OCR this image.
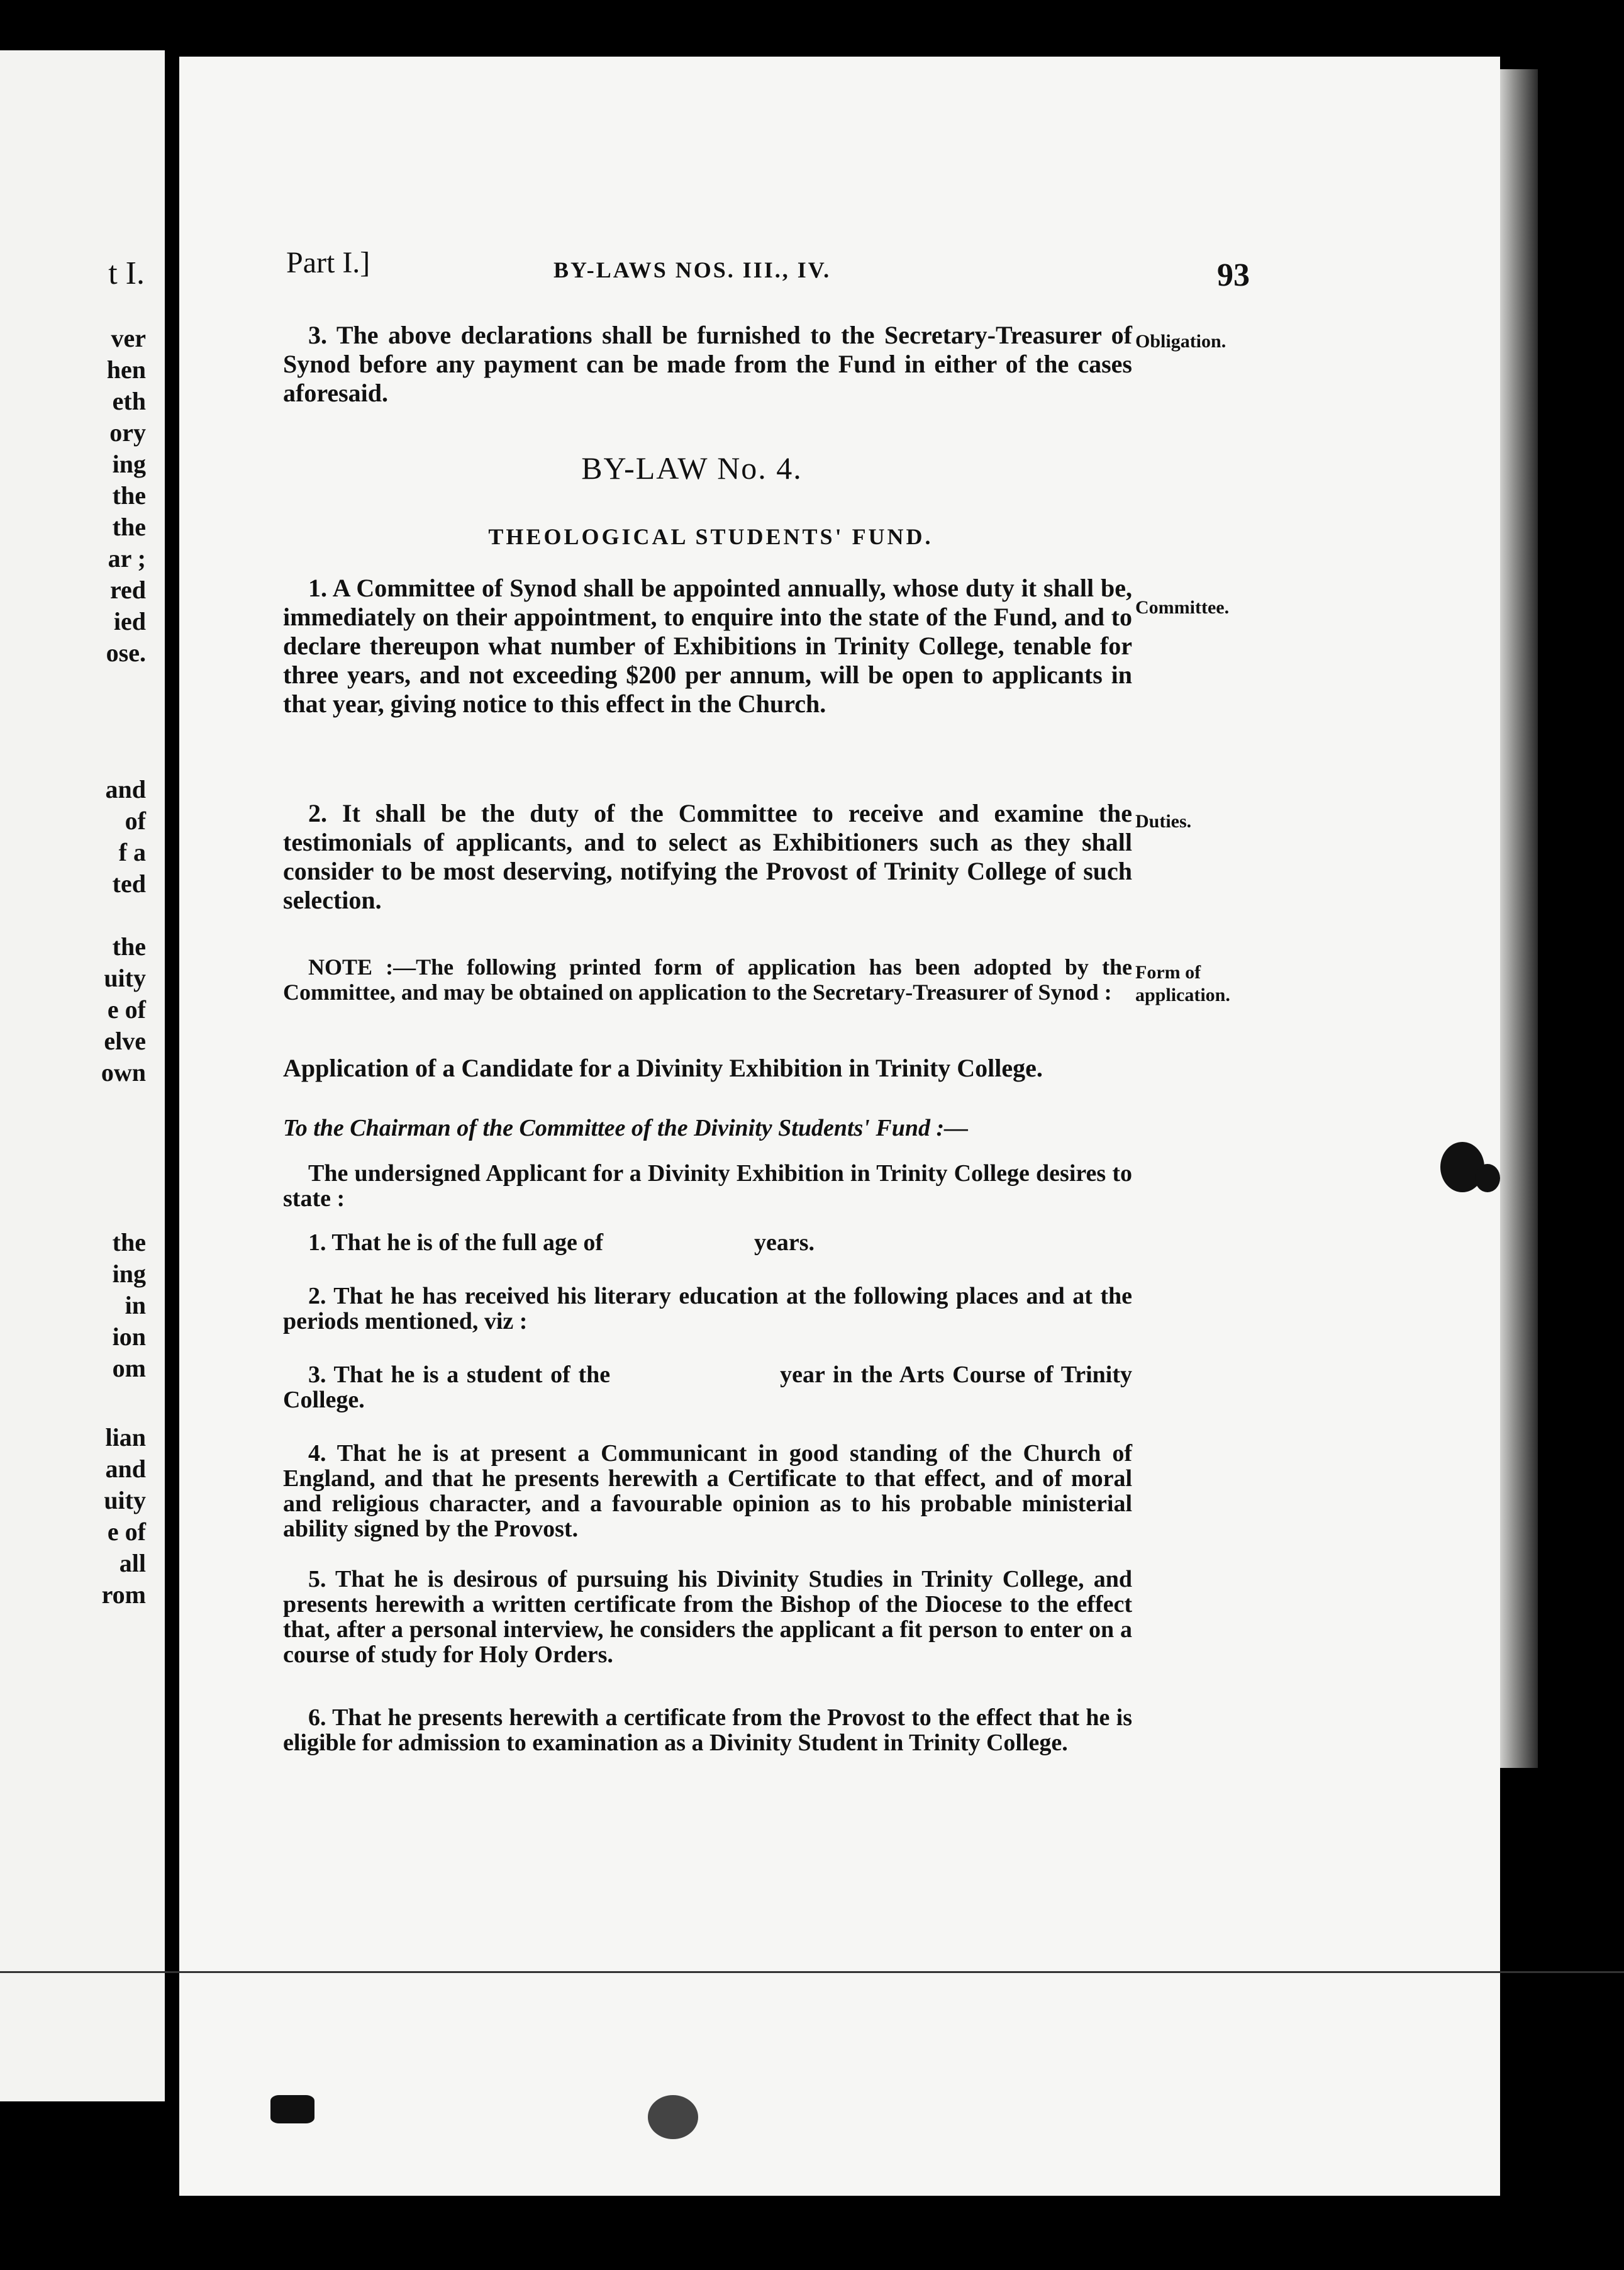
t I.
ver
hen
eth
ory
ing
the
the
ar ;
red
ied
ose.
and
of
f a
ted
the
uity
e of
elve
own
the
ing
in
ion
om
lian
and
uity
e of
all
rom
Part I.]	BY-LAWS NOS. III., IV.	93
3. The above declarations shall be furnished to the Secretary-Treasurer of Synod before any payment can be made from the Fund in either of the cases aforesaid.
Obligation.
BY-LAW No. 4.
THEOLOGICAL STUDENTS' FUND.
1. A Committee of Synod shall be appointed annually, whose duty it shall be, immediately on their appointment, to enquire into the state of the Fund, and to declare thereupon what number of Exhibitions in Trinity College, tenable for three years, and not exceeding $200 per annum, will be open to applicants in that year, giving notice to this effect in the Church.
Committee.
2. It shall be the duty of the Committee to receive and examine the testimonials of applicants, and to select as Exhibitioners such as they shall consider to be most deserving, notifying the Provost of Trinity College of such selection.
Duties.
NOTE :—The following printed form of application has been adopted by the Committee, and may be obtained on application to the Secretary-Treasurer of Synod :
Form of
application.
Application of a Candidate for a Divinity Exhibition in Trinity College.
To the Chairman of the Committee of the Divinity Students' Fund :—
The undersigned Applicant for a Divinity Exhibition in Trinity College desires to state :
1. That he is of the full age of	years.
2. That he has received his literary education at the following places and at the periods mentioned, viz :
3. That he is a student of the	year in the Arts Course of Trinity College.
4. That he is at present a Communicant in good standing of the Church of England, and that he presents herewith a Certificate to that effect, and of moral and religious character, and a favourable opinion as to his probable ministerial ability signed by the Provost.
5. That he is desirous of pursuing his Divinity Studies in Trinity College, and presents herewith a written certificate from the Bishop of the Diocese to the effect that, after a personal interview, he considers the applicant a fit person to enter on a course of study for Holy Orders.
6. That he presents herewith a certificate from the Provost to the effect that he is eligible for admission to examination as a Divinity Student in Trinity College.
